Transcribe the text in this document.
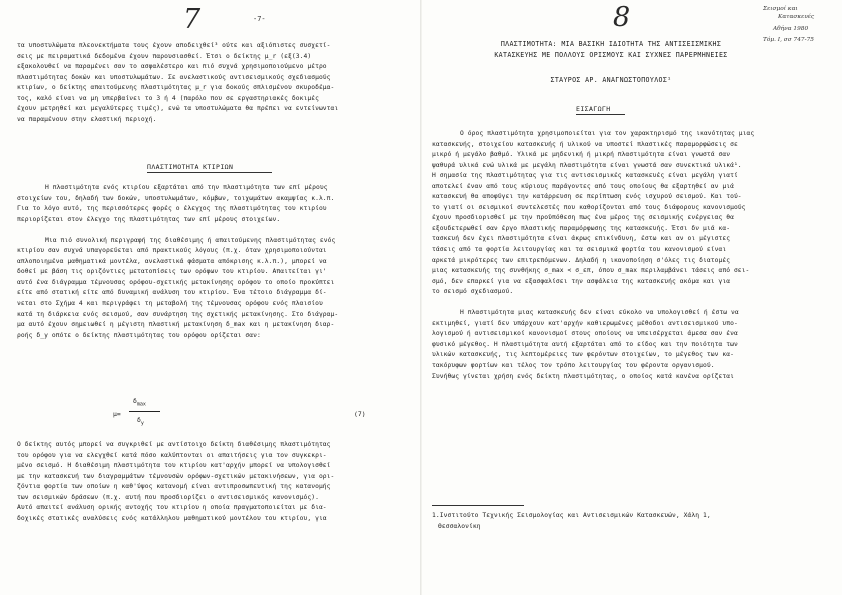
7	-7-

τα υποστυλώματα πλεονεκτήματα τους έχουν αποδειχθεί³ ούτε και αξιόπιστες συσχετί-

σεις με πειραματικά δεδομένα έχουν παρουσιασθεί. Έτσι ο δείκτης μ_r (εξ(3.4)

εξακολουθεί να παραμένει σαν το ασφαλέστερο και πιό συχνά χρησιμοποιούμενο μέτρο

πλαστιμότητας δοκών και υποστυλωμάτων. Σε ανελαστικούς αντισεισμικούς σχεδιασμούς

κτιρίων, ο δείκτης απαιτούμενης πλαστιμότητας μ_r για δοκούς σπλισμένου σκυροδέμα-

τος, καλό είναι να μη υπερβαίνει το 3 ή 4 (παρόλο που σε εργαστηριακές δοκιμές

έχουν μετρηθεί και μεγαλύτερες τιμές), ενώ τα υποστυλώματα θα πρέπει να εντείνωνται

να παραμένουν στην ελαστική περιοχή.

ΠΛΑΣΤΙΜΟΤΗΤΑ ΚΤΙΡΙΩΝ

Η πλαστιμότητα ενός κτιρίου εξαρτάται από την πλαστιμότητα των επί μέρους

στοιχείων του, δηλαδή των δοκών, υποστυλωμάτων, κόμβων, τοιχωμάτων ακαμψίας κ.λ.π.

Για το λόγο αυτό, της περισσότερες φορές ο έλεγχος της πλαστιμότητας του κτιρίου

περιορίζεται στον έλεγχο της πλαστιμότητας των επί μέρους στοιχείων.

Μια πιό συνολική περιγραφή της διαθέσιμης ή απαιτούμενης πλαστιμότητας ενός

κτιρίου σαν συχνά υπαγορεύεται από πρακτικούς λόγους (π.χ. όταν χρησιμοποιούνται

απλοποιημένα μαθηματικά μοντέλα, ανελαστικά φάσματα απόκρισης κ.λ.π.), μπορεί να

δοθεί με βάση τις οριζόντιες μετατοπίσεις των ορόφων του κτιρίου. Απαιτείται γι'

αυτό ένα διάγραμμα τέμνουσας ορόφου-σχετικής μετακίνησης ορόφου το οποίο προκύπτει

είτε από στατική είτε από δυναμική ανάλυση του κτιρίου. Ένα τέτοιο διάγραμμα δί-

νεται στο Σχήμα 4 και περιγράφει τη μεταβολή της τέμνουσας ορόφου ενός πλαισίου

κατά τη διάρκεια ενός σεισμού, σαν συνάρτηση της σχετικής μετακίνησης. Στο διάγραμ-

μα αυτό έχουν σημειωθεί η μέγιστη πλαστική μετακίνηση δ_max και η μετακίνηση διαρ-

ροής δ_y οπότε ο δείκτης πλαστιμότητας του ορόφου ορίζεται σαν:

μ=
$\delta_{max}$
$\delta_y$
(7)

Ο δείκτης αυτός μπορεί να συγκριθεί με αντίστοιχο δείκτη διαθέσιμης πλαστιμότητας

του ορόφου για να ελεγχθεί κατά πόσο καλύπτονται οι απαιτήσεις για τον συγκεκρι-

μένο σεισμό. Η διαθέσιμη πλαστιμότητα του κτιρίου κατ'αρχήν μπορεί να υπολογισθεί

με την κατασκευή των διαγραμμάτων τέμνουσών ορόφων-σχετικών μετακινήσεων, για ορι-

ζόντια φορτία των οποίων η καθ'ύψος κατανομή είναι αντιπροσωπευτική της κατανομής

των σεισμικών δράσεων (π.χ. αυτή που προσδιορίζει ο αντισεισμικός κανονισμός).

Αυτό απαιτεί ανάλυση ορικής αντοχής του κτιρίου η οποία πραγματοποιείται με δια-

δοχικές στατικές αναλύσεις ενός κατάλληλου μαθηματικού μοντέλου του κτιρίου, για

8	Σεισμοί και
Κατασκευές
Αθήνα 1980
Τόμ. Ι, σσ 747-75
ΠΛΑΣΤΙΜΟΤΗΤΑ: ΜΙΑ ΒΑΣΙΚΗ ΙΔΙΟΤΗΤΑ ΤΗΣ ΑΝΤΙΣΕΙΣΜΙΚΗΣ
ΚΑΤΑΣΚΕΥΗΣ ΜΕ ΠΟΛΛΟΥΣ ΟΡΙΣΜΟΥΣ ΚΑΙ ΣΥΧΝΕΣ ΠΑΡΕΡΜΗΝΕΙΕΣ
ΣΤΑΥΡΟΣ ΑΡ. ΑΝΑΓΝΩΣΤΟΠΟΥΛΟΣ¹
ΕΙΣΑΓΩΓΗ

Ο όρος πλαστιμότητα χρησιμοποιείται για τον χαρακτηρισμό της ικανότητας μιας

κατασκευής, στοιχείου κατασκευής ή υλικού να υποστεί πλαστικές παραμορφώσεις σε

μικρό ή μεγάλο βαθμό. Υλικά με μηδενική ή μικρή πλαστιμότητα είναι γνωστά σαν

ψαθυρά υλικά ενώ υλικά με μεγάλη πλαστιμότητα είναι γνωστά σαν συνεκτικά υλικά¹.

Η σημασία της πλαστιμότητας για τις αντισεισμικές κατασκευές είναι μεγάλη γιατί

αποτελεί έναν από τους κύριους παράγοντες από τους οποίους θα εξαρτηθεί αν μιά

κατασκευή θα αποφύγει την κατάρρευση σε περίπτωση ενός ισχυρού σεισμού. Και τού-

το γιατί οι σεισμικοί συντελεστές που καθορίζονται από τους διάφορους κανονισμούς

έχουν προσδιορισθεί με την προϋπόθεση πως ένα μέρος της σεισμικής ενέργειας θα

εξουδετερωθεί σαν έργο πλαστικής παραμόρφωσης της κατασκευής. Έτσι δν μιά κα-

τασκευή δεν έχει πλαστιμότητα είναι άκρως επικίνδυνη, έστω και αν οι μέγιστες

τάσεις από τα φορτία λειτουργίας και τα σεισμικά φορτία του κανονισμού είναι

αρκετά μικρότερες των επιτρεπόμενων. Δηλαδή η ικανοποίηση σ'όλες τις διατομές

μιας κατασκευής της συνθήκης σ_max < σ_επ, όπου σ_max περιλαμβάνει τάσεις από σει-

σμό, δεν επαρκεί για να εξασφαλίσει την ασφάλεια της κατασκευής ακόμα και για

το σεισμό σχεδιασμού.

Η πλαστιμότητα μιας κατασκευής δεν είναι εύκολο να υπολογισθεί ή έστω να

εκτιμηθεί, γιατί δεν υπάρχουν κατ'αρχήν καθιερωμένες μέθοδοι αντισεισμικού υπο-

λογισμού ή αντισεισμικοί κανονισμοί στους οποίους να υπεισέρχεται άμεσα σαν ένα

φυσικό μέγεθος. Η πλαστιμότητα αυτή εξαρτάται από το είδος και την ποιότητα των

υλικών κατασκευής, τις λεπτομέρειες των φερόντων στοιχείων, το μέγεθος των κα-

τακόρυφων φορτίων και τέλος τον τρόπο λειτουργίας του φέροντα οργανισμού.

Συνήθως γίνεται χρήση ενός δείκτη πλαστιμότητας, ο οποίος κατά κανένα ορίζεται

1.Ινστιτούτο Τεχνικής Σεισμολογίας και Αντισεισμικών Κατασκευών, Χάλη 1,

Θεσσαλονίκη
